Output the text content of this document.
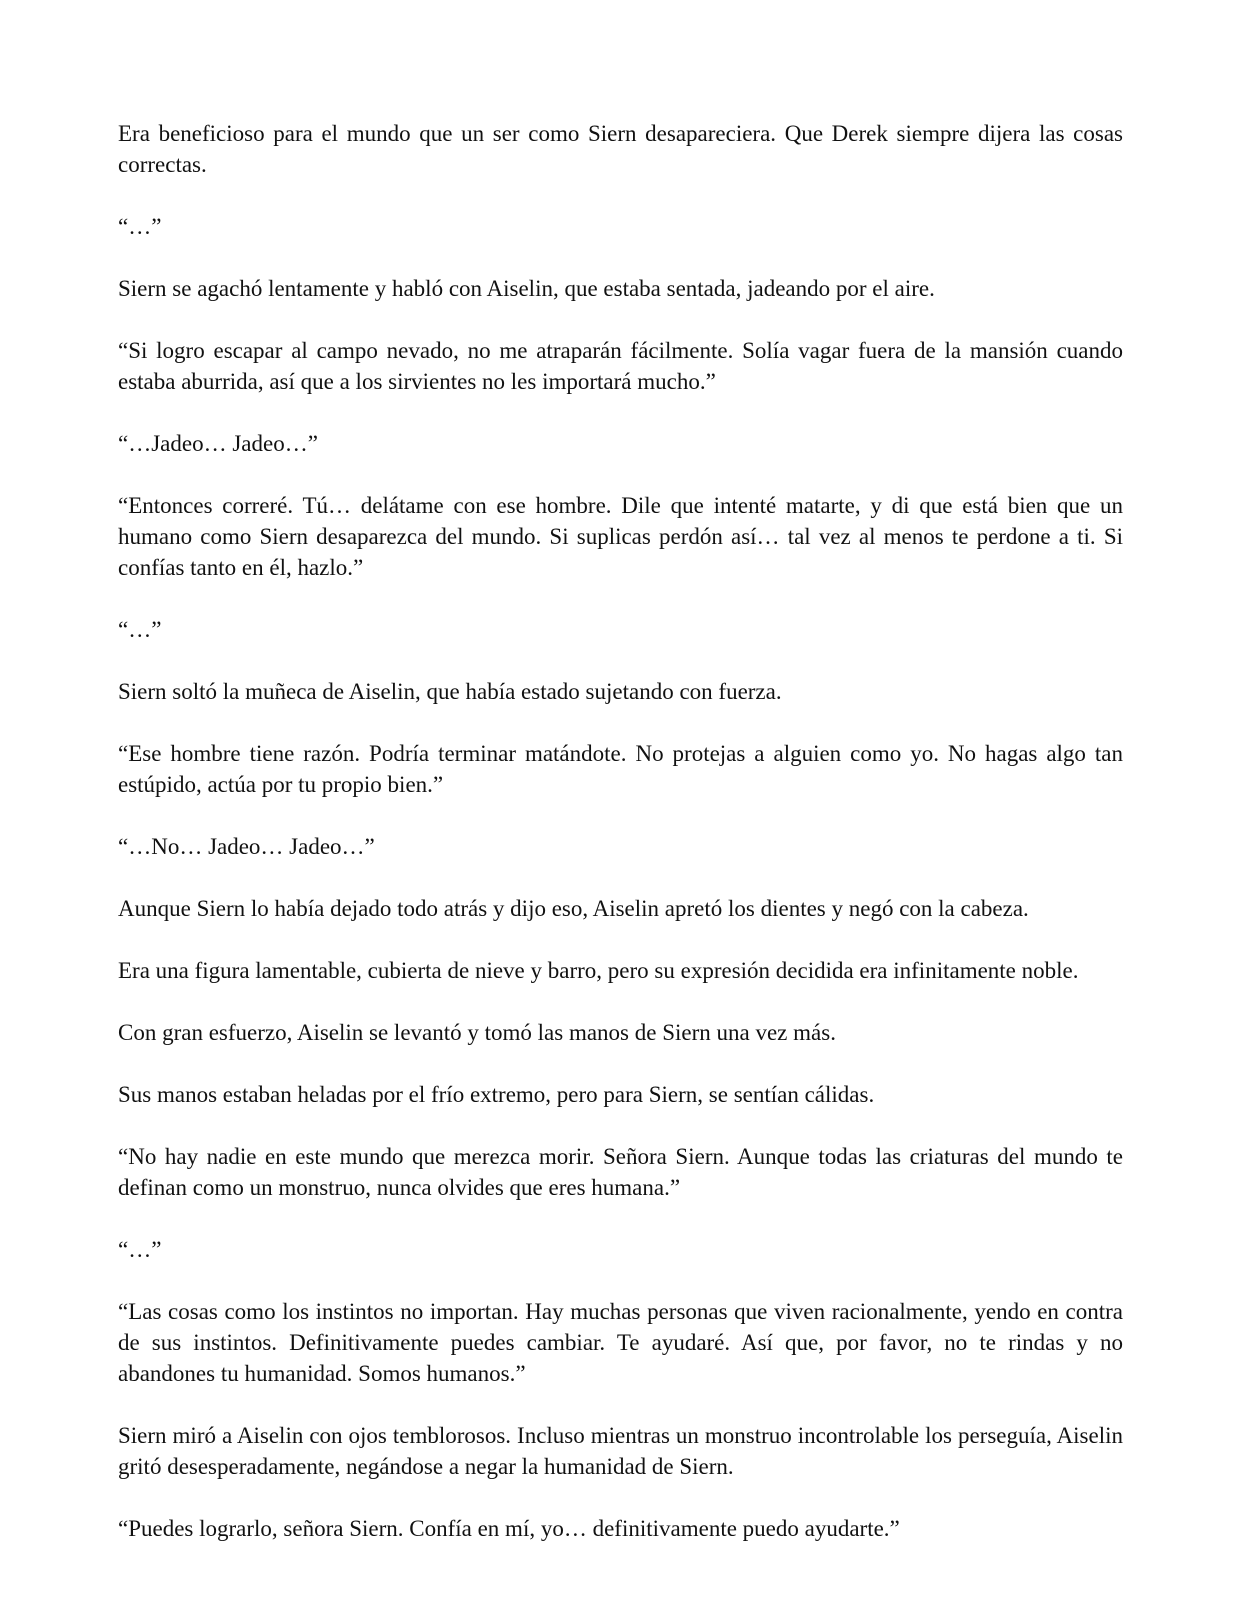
Era beneficioso para el mundo que un ser como Siern desapareciera. Que Derek siempre dijera las cosas correctas.

“…”

Siern se agachó lentamente y habló con Aiselin, que estaba sentada, jadeando por el aire.

“Si logro escapar al campo nevado, no me atraparán fácilmente. Solía vagar fuera de la mansión cuando estaba aburrida, así que a los sirvientes no les importará mucho.”

“…Jadeo… Jadeo…”

“Entonces correré. Tú… delátame con ese hombre. Dile que intenté matarte, y di que está bien que un humano como Siern desaparezca del mundo. Si suplicas perdón así… tal vez al menos te perdone a ti. Si confías tanto en él, hazlo.”

“…”

Siern soltó la muñeca de Aiselin, que había estado sujetando con fuerza.

“Ese hombre tiene razón. Podría terminar matándote. No protejas a alguien como yo. No hagas algo tan estúpido, actúa por tu propio bien.”

“…No… Jadeo… Jadeo…”

Aunque Siern lo había dejado todo atrás y dijo eso, Aiselin apretó los dientes y negó con la cabeza.

Era una figura lamentable, cubierta de nieve y barro, pero su expresión decidida era infinitamente noble.

Con gran esfuerzo, Aiselin se levantó y tomó las manos de Siern una vez más.

Sus manos estaban heladas por el frío extremo, pero para Siern, se sentían cálidas.

“No hay nadie en este mundo que merezca morir. Señora Siern. Aunque todas las criaturas del mundo te definan como un monstruo, nunca olvides que eres humana.”

“…”

“Las cosas como los instintos no importan. Hay muchas personas que viven racionalmente, yendo en contra de sus instintos. Definitivamente puedes cambiar. Te ayudaré. Así que, por favor, no te rindas y no abandones tu humanidad. Somos humanos.”

Siern miró a Aiselin con ojos temblorosos. Incluso mientras un monstruo incontrolable los perseguía, Aiselin gritó desesperadamente, negándose a negar la humanidad de Siern.

“Puedes lograrlo, señora Siern. Confía en mí, yo… definitivamente puedo ayudarte.”
